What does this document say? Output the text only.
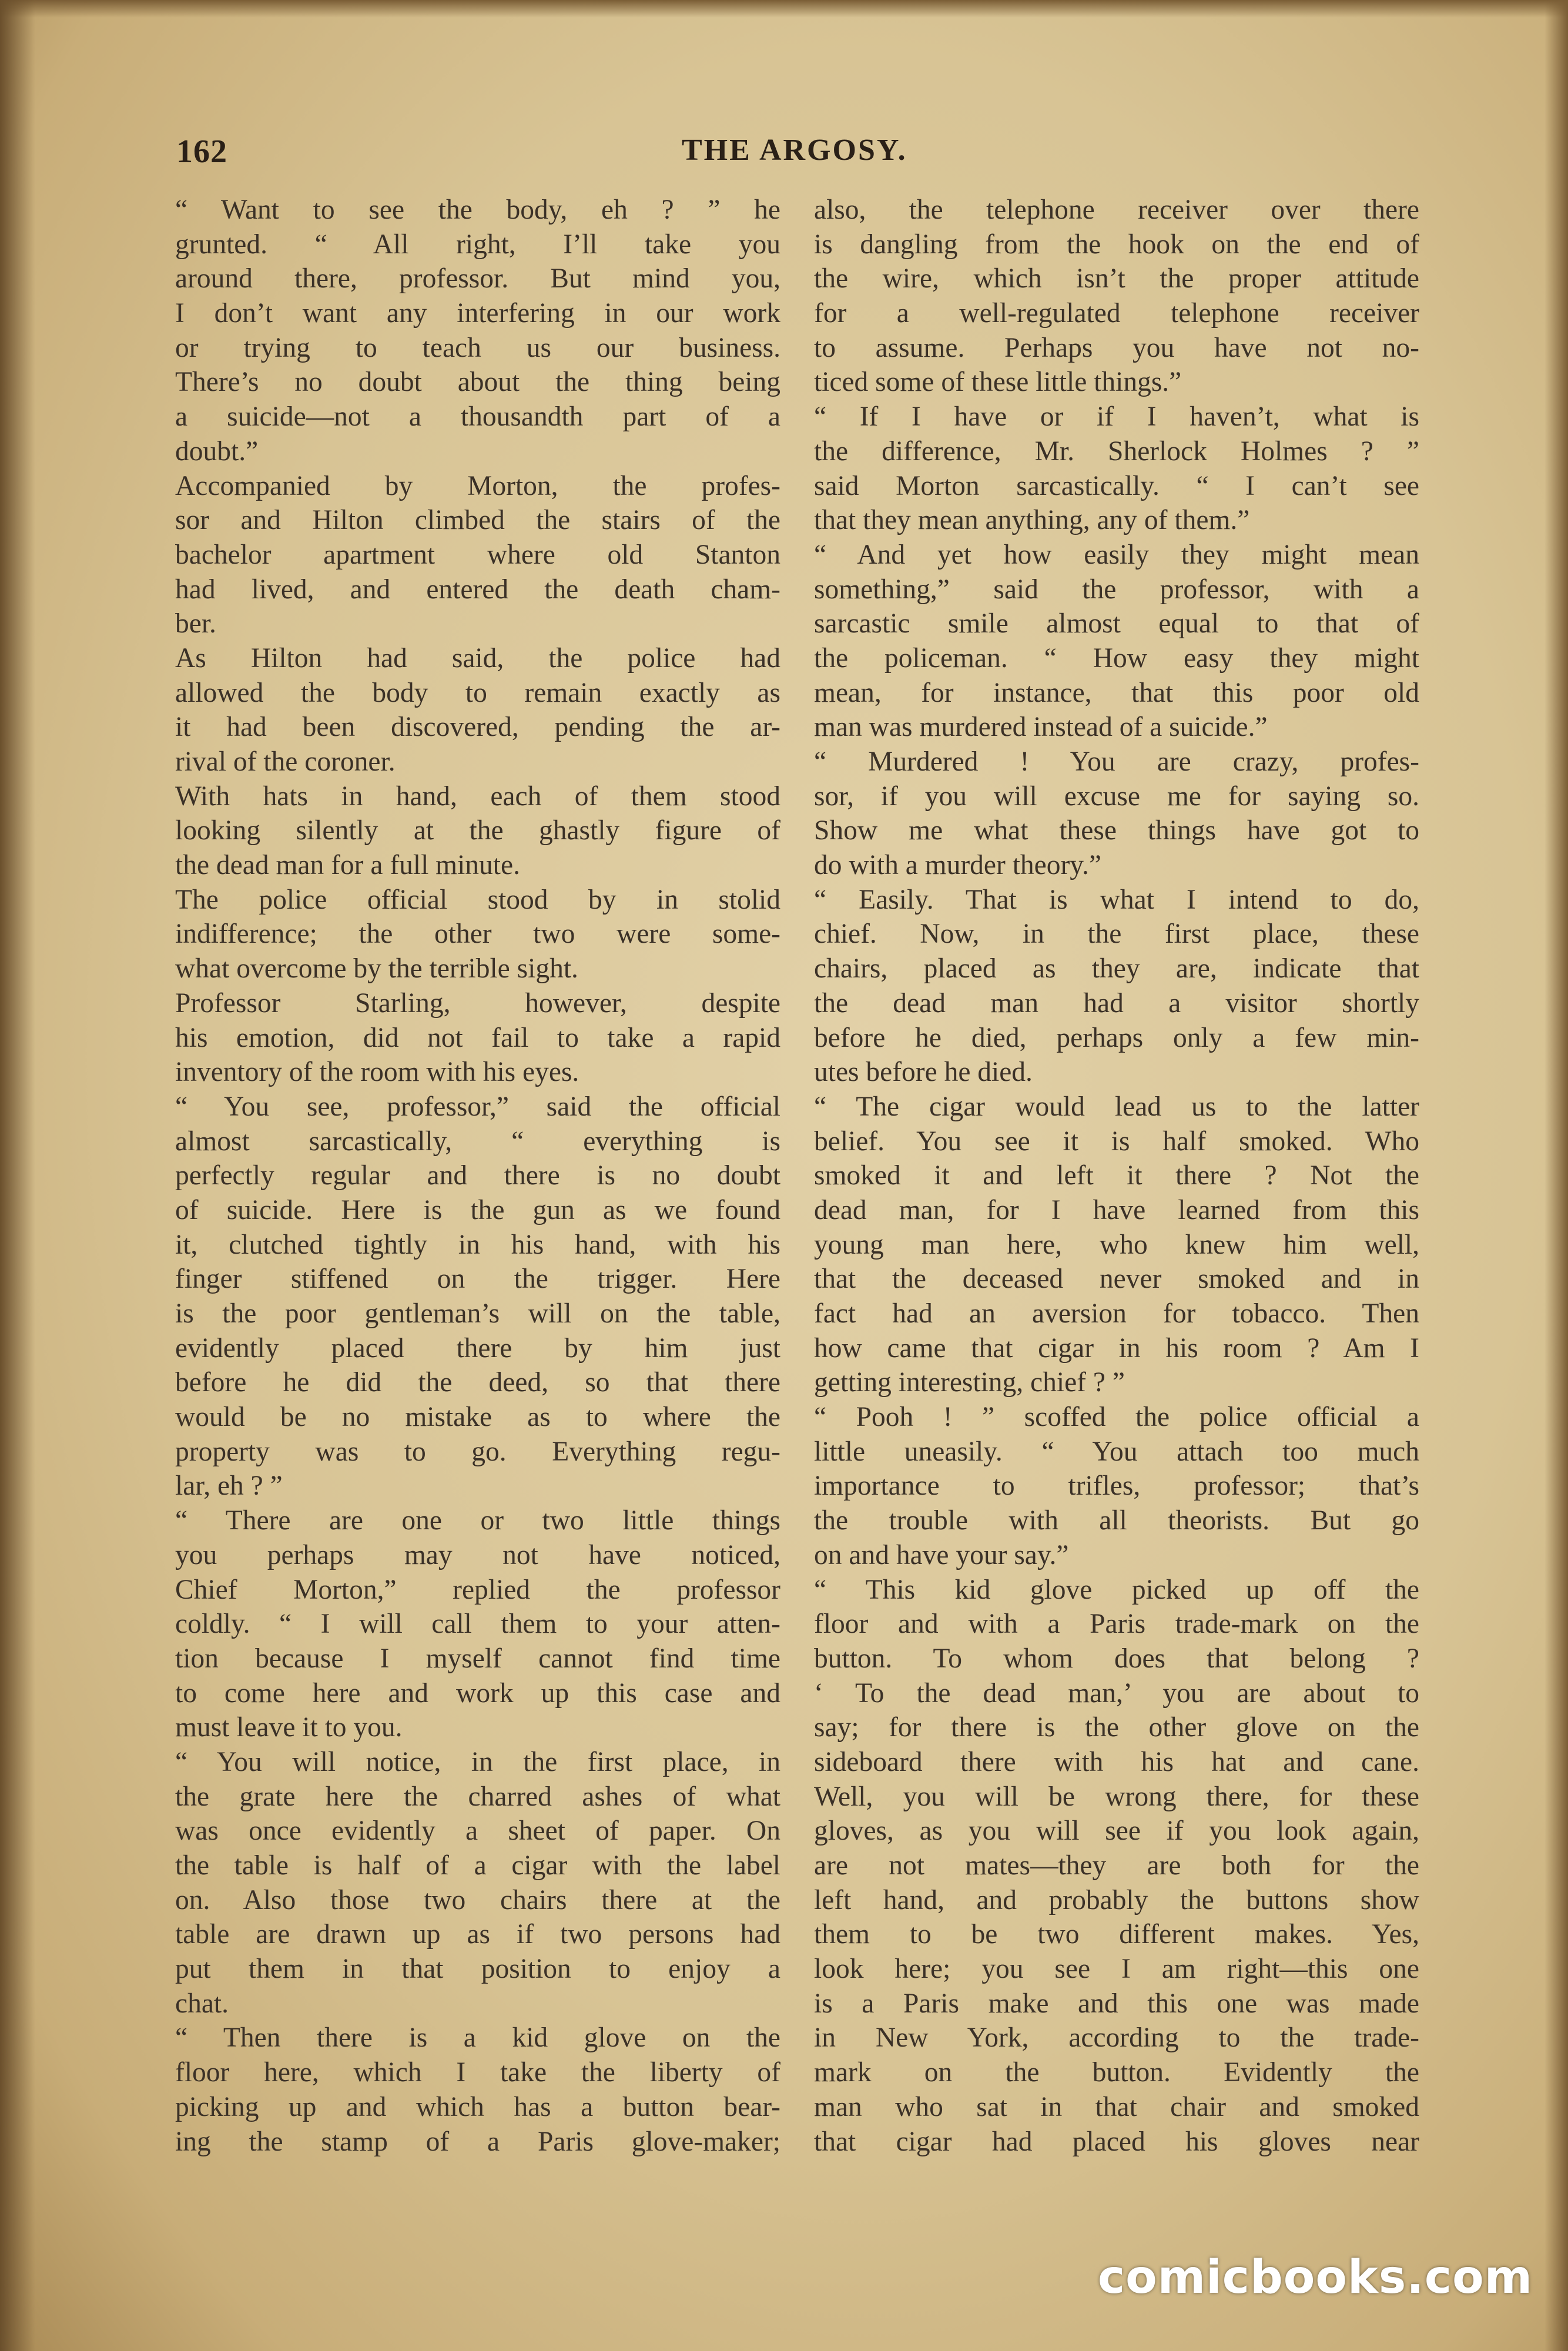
162	THE ARGOSY.
“ Want to see the body, eh ? ” he
grunted. “ All right, I’ll take you
around there, professor. But mind you,
I don’t want any interfering in our work
or trying to teach us our business.
There’s no doubt about the thing being
a suicide—not a thousandth part of a
doubt.”
Accompanied by Morton, the profes-
sor and Hilton climbed the stairs of the
bachelor apartment where old Stanton
had lived, and entered the death cham-
ber.
As Hilton had said, the police had
allowed the body to remain exactly as
it had been discovered, pending the ar-
rival of the coroner.
With hats in hand, each of them stood
looking silently at the ghastly figure of
the dead man for a full minute.
The police official stood by in stolid
indifference; the other two were some-
what overcome by the terrible sight.
Professor Starling, however, despite
his emotion, did not fail to take a rapid
inventory of the room with his eyes.
“ You see, professor,” said the official
almost sarcastically, “ everything is
perfectly regular and there is no doubt
of suicide. Here is the gun as we found
it, clutched tightly in his hand, with his
finger stiffened on the trigger. Here
is the poor gentleman’s will on the table,
evidently placed there by him just
before he did the deed, so that there
would be no mistake as to where the
property was to go. Everything regu-
lar, eh ? ”
“ There are one or two little things
you perhaps may not have noticed,
Chief Morton,” replied the professor
coldly. “ I will call them to your atten-
tion because I myself cannot find time
to come here and work up this case and
must leave it to you.
“ You will notice, in the first place, in
the grate here the charred ashes of what
was once evidently a sheet of paper. On
the table is half of a cigar with the label
on. Also those two chairs there at the
table are drawn up as if two persons had
put them in that position to enjoy a
chat.
“ Then there is a kid glove on the
floor here, which I take the liberty of
picking up and which has a button bear-
ing the stamp of a Paris glove-maker;
also, the telephone receiver over there
is dangling from the hook on the end of
the wire, which isn’t the proper attitude
for a well-regulated telephone receiver
to assume. Perhaps you have not no-
ticed some of these little things.”
“ If I have or if I haven’t, what is
the difference, Mr. Sherlock Holmes ? ”
said Morton sarcastically. “ I can’t see
that they mean anything, any of them.”
“ And yet how easily they might mean
something,” said the professor, with a
sarcastic smile almost equal to that of
the policeman. “ How easy they might
mean, for instance, that this poor old
man was murdered instead of a suicide.”
“ Murdered ! You are crazy, profes-
sor, if you will excuse me for saying so.
Show me what these things have got to
do with a murder theory.”
“ Easily. That is what I intend to do,
chief. Now, in the first place, these
chairs, placed as they are, indicate that
the dead man had a visitor shortly
before he died, perhaps only a few min-
utes before he died.
“ The cigar would lead us to the latter
belief. You see it is half smoked. Who
smoked it and left it there ? Not the
dead man, for I have learned from this
young man here, who knew him well,
that the deceased never smoked and in
fact had an aversion for tobacco. Then
how came that cigar in his room ? Am I
getting interesting, chief ? ”
“ Pooh ! ” scoffed the police official a
little uneasily. “ You attach too much
importance to trifles, professor; that’s
the trouble with all theorists. But go
on and have your say.”
“ This kid glove picked up off the
floor and with a Paris trade-mark on the
button. To whom does that belong ?
‘ To the dead man,’ you are about to
say; for there is the other glove on the
sideboard there with his hat and cane.
Well, you will be wrong there, for these
gloves, as you will see if you look again,
are not mates—they are both for the
left hand, and probably the buttons show
them to be two different makes. Yes,
look here; you see I am right—this one
is a Paris make and this one was made
in New York, according to the trade-
mark on the button. Evidently the
man who sat in that chair and smoked
that cigar had placed his gloves near
comicbooks.com
